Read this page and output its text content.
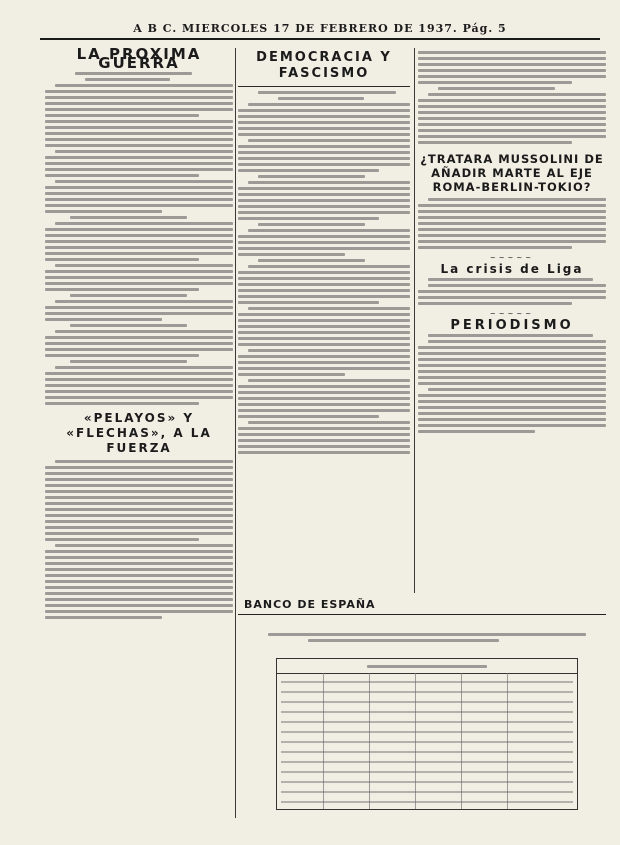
A B C. MIERCOLES 17 DE FEBRERO DE 1937. Pág. 5
LA PROXIMA GUERRA
«PELAYOS» Y «FLECHAS», A LA FUERZA
DEMOCRACIA Y FASCISMO
¿TRATARA MUSSOLINI DE AÑADIR MARTE AL EJE ROMA-BERLIN-TOKIO?
~~~~~
La crisis de Liga
~~~~~
PERIODISMO
BANCO DE ESPAÑA
